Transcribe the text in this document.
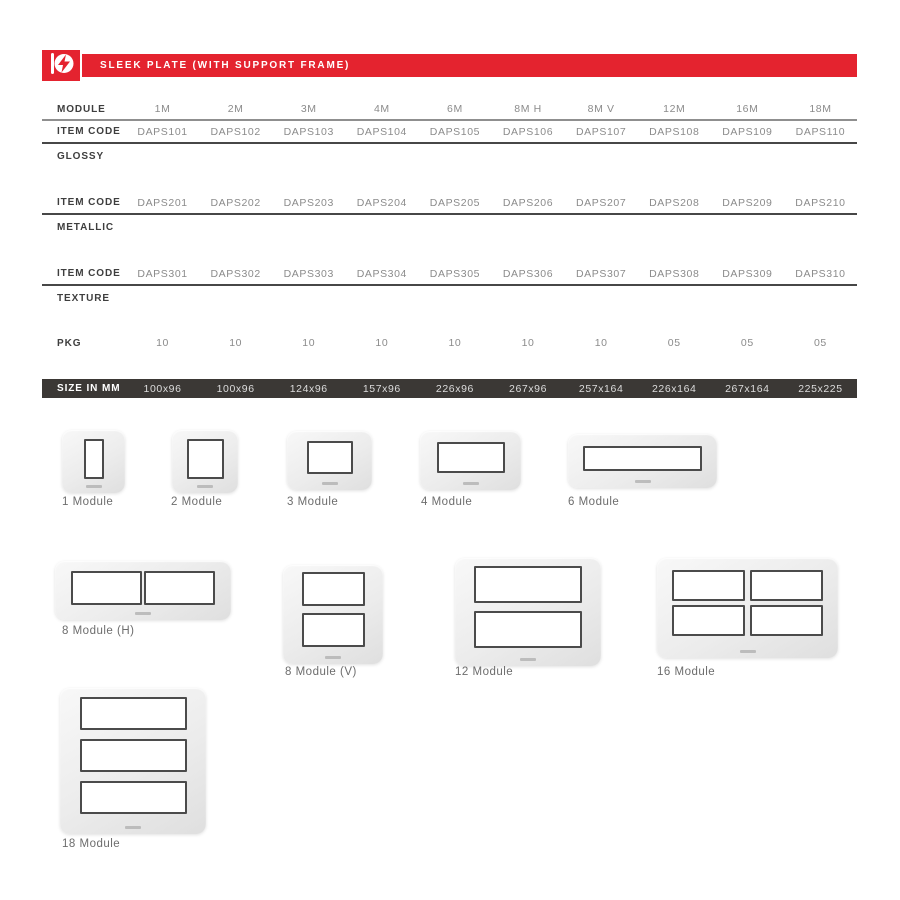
SLEEK PLATE (WITH SUPPORT FRAME)
MODULE	1M	2M	3M	4M	6M	8M H	8M V	12M	16M	18M
ITEM CODE	DAPS101	DAPS102	DAPS103	DAPS104	DAPS105	DAPS106	DAPS107	DAPS108	DAPS109	DAPS110
GLOSSY
ITEM CODE	DAPS201	DAPS202	DAPS203	DAPS204	DAPS205	DAPS206	DAPS207	DAPS208	DAPS209	DAPS210
METALLIC
ITEM CODE	DAPS301	DAPS302	DAPS303	DAPS304	DAPS305	DAPS306	DAPS307	DAPS308	DAPS309	DAPS310
TEXTURE
PKG	10	10	10	10	10	10	10	05	05	05
SIZE IN MM	100x96	100x96	124x96	157x96	226x96	267x96	257x164	226x164	267x164	225x225
1 Module	2 Module	3 Module	4 Module	6 Module
8 Module (H)
8 Module (V)	12 Module	16 Module
18 Module
